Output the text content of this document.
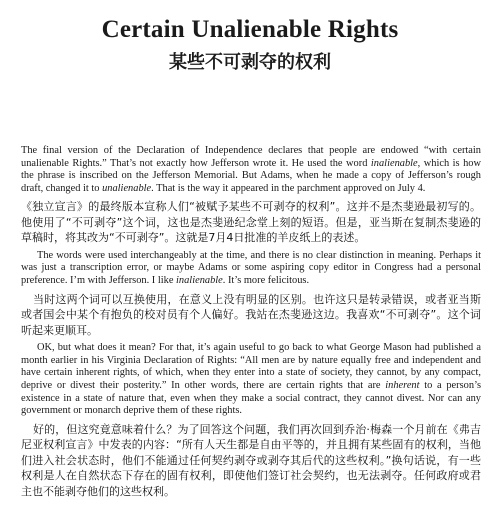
Certain Unalienable Rights
某些不可剥夺的权利

The final version of the Declaration of Independence declares that people are endowed “with certain unalienable Rights.” That’s not exactly how Jefferson wrote it. He used the word inalienable, which is how the phrase is inscribed on the Jefferson Memorial. But Adams, when he made a copy of Jefferson’s rough draft, changed it to unalienable. That is the way it appeared in the parchment approved on July 4.

《独立宣言》的最终版本宣称人们“被赋予某些不可剥夺的权利”。这并不是杰斐逊最初写的。他使用了“不可剥夺”这个词，这也是杰斐逊纪念堂上刻的短语。但是，亚当斯在复制杰斐逊的草稿时，将其改为“不可剥夺”。这就是7月4日批准的羊皮纸上的表述。

The words were used interchangeably at the time, and there is no clear distinction in meaning. Perhaps it was just a transcription error, or maybe Adams or some aspiring copy editor in Congress had a personal preference. I’m with Jefferson. I like inalienable. It’s more felicitous.

当时这两个词可以互换使用，在意义上没有明显的区别。也许这只是转录错误，或者亚当斯或者国会中某个有抱负的校对员有个人偏好。我站在杰斐逊这边。我喜欢“不可剥夺”。这个词听起来更顺耳。

OK, but what does it mean? For that, it’s again useful to go back to what George Mason had published a month earlier in his Virginia Declaration of Rights: “All men are by nature equally free and independent and have certain inherent rights, of which, when they enter into a state of society, they cannot, by any compact, deprive or divest their posterity.” In other words, there are certain rights that are inherent to a person’s existence in a state of nature that, even when they make a social contract, they cannot divest. Nor can any government or monarch deprive them of these rights.

好的，但这究竟意味着什么？为了回答这个问题，我们再次回到乔治·梅森一个月前在《弗吉尼亚权利宣言》中发表的内容：“所有人天生都是自由平等的，并且拥有某些固有的权利，当他们进入社会状态时，他们不能通过任何契约剥夺或剥夺其后代的这些权利。”换句话说，有一些权利是人在自然状态下存在的固有权利，即使他们签订社会契约，也无法剥夺。任何政府或君主也不能剥夺他们的这些权利。
